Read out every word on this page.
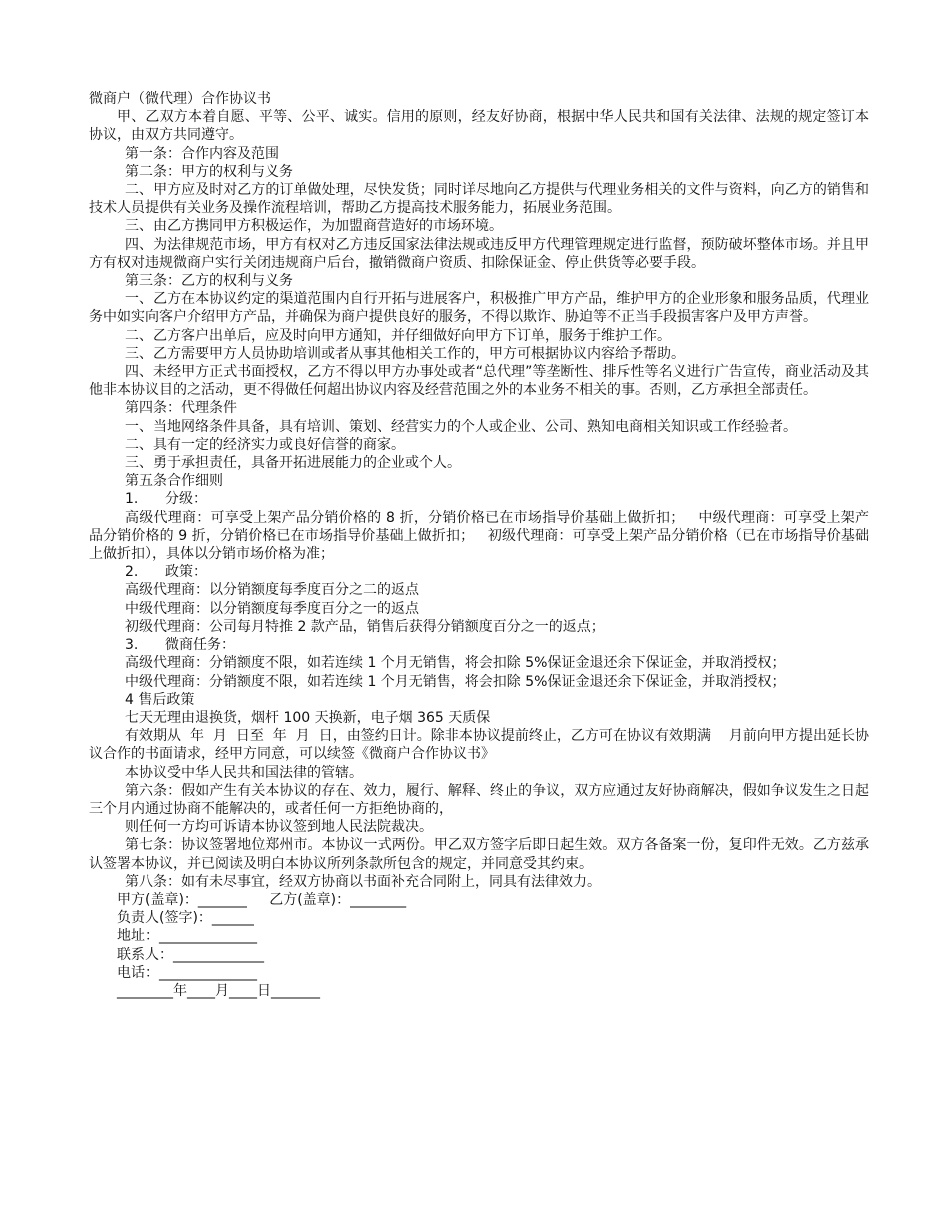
微商户（微代理）合作协议书

甲、乙双方本着自愿、平等、公平、诚实。信用的原则，经友好协商，根据中华人民共和国有关法律、法规的规定签订本协议，由双方共同遵守。

第一条：合作内容及范围

第二条：甲方的权利与义务

二、甲方应及时对乙方的订单做处理，尽快发货；同时详尽地向乙方提供与代理业务相关的文件与资料，向乙方的销售和技术人员提供有关业务及操作流程培训，帮助乙方提高技术服务能力，拓展业务范围。

三、由乙方携同甲方积极运作，为加盟商营造好的市场环境。

四、为法律规范市场，甲方有权对乙方违反国家法律法规或违反甲方代理管理规定进行监督，预防破坏整体市场。并且甲方有权对违规微商户实行关闭违规商户后台，撤销微商户资质、扣除保证金、停止供货等必要手段。

第三条：乙方的权利与义务

一、乙方在本协议约定的渠道范围内自行开拓与进展客户，积极推广甲方产品，维护甲方的企业形象和服务品质，代理业务中如实向客户介绍甲方产品，并确保为商户提供良好的服务，不得以欺诈、胁迫等不正当手段损害客户及甲方声誉。

二、乙方客户出单后，应及时向甲方通知，并仔细做好向甲方下订单，服务于维护工作。

三、乙方需要甲方人员协助培训或者从事其他相关工作的，甲方可根据协议内容给予帮助。

四、未经甲方正式书面授权，乙方不得以甲方办事处或者“总代理”等垄断性、排斥性等名义进行广告宣传，商业活动及其他非本协议目的之活动，更不得做任何超出协议内容及经营范围之外的本业务不相关的事。否则，乙方承担全部责任。

第四条：代理条件

一、当地网络条件具备，具有培训、策划、经营实力的个人或企业、公司、熟知电商相关知识或工作经验者。

二、具有一定的经济实力或良好信誉的商家。

三、勇于承担责任，具备开拓进展能力的企业或个人。

第五条合作细则

1.      分级：

高级代理商：可享受上架产品分销价格的 8 折，分销价格已在市场指导价基础上做折扣；   中级代理商：可享受上架产品分销价格的 9 折，分销价格已在市场指导价基础上做折扣；   初级代理商：可享受上架产品分销价格（已在市场指导价基础上做折扣），具体以分销市场价格为准；

2.      政策：

高级代理商：以分销额度每季度百分之二的返点

中级代理商：以分销额度每季度百分之一的返点

初级代理商：公司每月特推 2 款产品，销售后获得分销额度百分之一的返点；

3.      微商任务：

高级代理商：分销额度不限，如若连续 1 个月无销售，将会扣除 5%保证金退还余下保证金，并取消授权；

中级代理商：分销额度不限，如若连续 1 个月无销售，将会扣除 5%保证金退还余下保证金，并取消授权；

4 售后政策

七天无理由退换货，烟杆 100 天换新，电子烟 365 天质保

有效期从  年  月  日至  年  月  日，由签约日计。除非本协议提前终止，乙方可在协议有效期满    月前向甲方提出延长协议合作的书面请求，经甲方同意，可以续签《微商户合作协议书》

本协议受中华人民共和国法律的管辖。

第六条：假如产生有关本协议的存在、效力，履行、解释、终止的争议，双方应通过友好协商解决，假如争议发生之日起三个月内通过协商不能解决的，或者任何一方拒绝协商的，

则任何一方均可诉请本协议签到地人民法院裁决。

第七条：协议签署地位郑州市。本协议一式两份。甲乙双方签字后即日起生效。双方各备案一份，复印件无效。乙方兹承认签署本协议，并已阅读及明白本协议所列条款所包含的规定，并同意受其约束。

第八条：如有未尽事宜，经双方协商以书面补充合同附上，同具有法律效力。

甲方(盖章)：_______ 乙方(盖章)：________

负责人(签字)：______

地址：______________

联系人：_____________

电话：______________

________年____月____日_______
